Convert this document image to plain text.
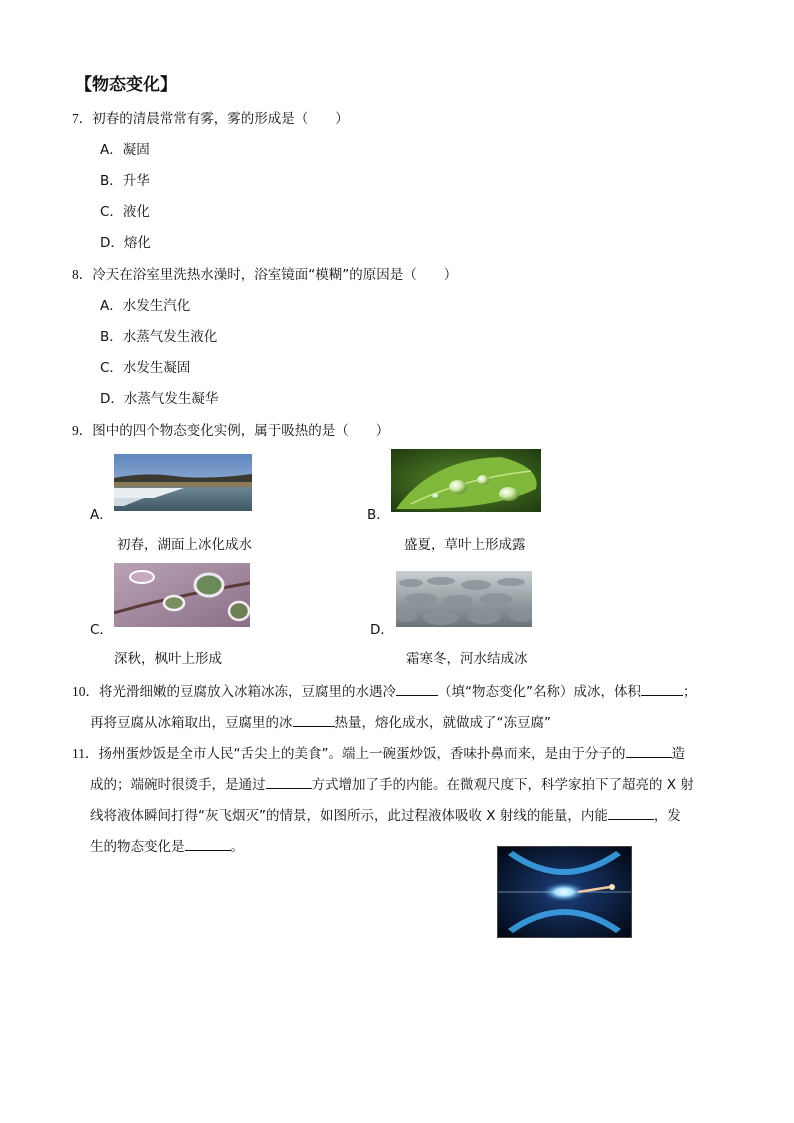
【物态变化】
7．初春的清晨常常有雾，雾的形成是（　　）
A．凝固
B．升华
C．液化
D．熔化
8．冷天在浴室里洗热水澡时，浴室镜面“模糊”的原因是（　　）
A．水发生汽化
B．水蒸气发生液化
C．水发生凝固
D．水蒸气发生凝华
9．图中的四个物态变化实例，属于吸热的是（　　）
A．
初春，湖面上冰化成水
B．
盛夏，草叶上形成露
C．
深秋，枫叶上形成
D．
霜寒冬，河水结成冰
10．将光滑细嫩的豆腐放入冰箱冰冻，豆腐里的水遇冷	（填“物态变化”名称）成冰，体积	；
再将豆腐从冰箱取出，豆腐里的冰	热量，熔化成水，就做成了“冻豆腐”
11．扬州蛋炒饭是全市人民“舌尖上的美食”。端上一碗蛋炒饭，香味扑鼻而来，是由于分子的	造
成的；端碗时很烫手，是通过	方式增加了手的内能。在微观尺度下，科学家拍下了超亮的 X 射
线将液体瞬间打得“灰飞烟灭”的情景，如图所示，此过程液体吸收 X 射线的能量，内能	，发
生的物态变化是	。
